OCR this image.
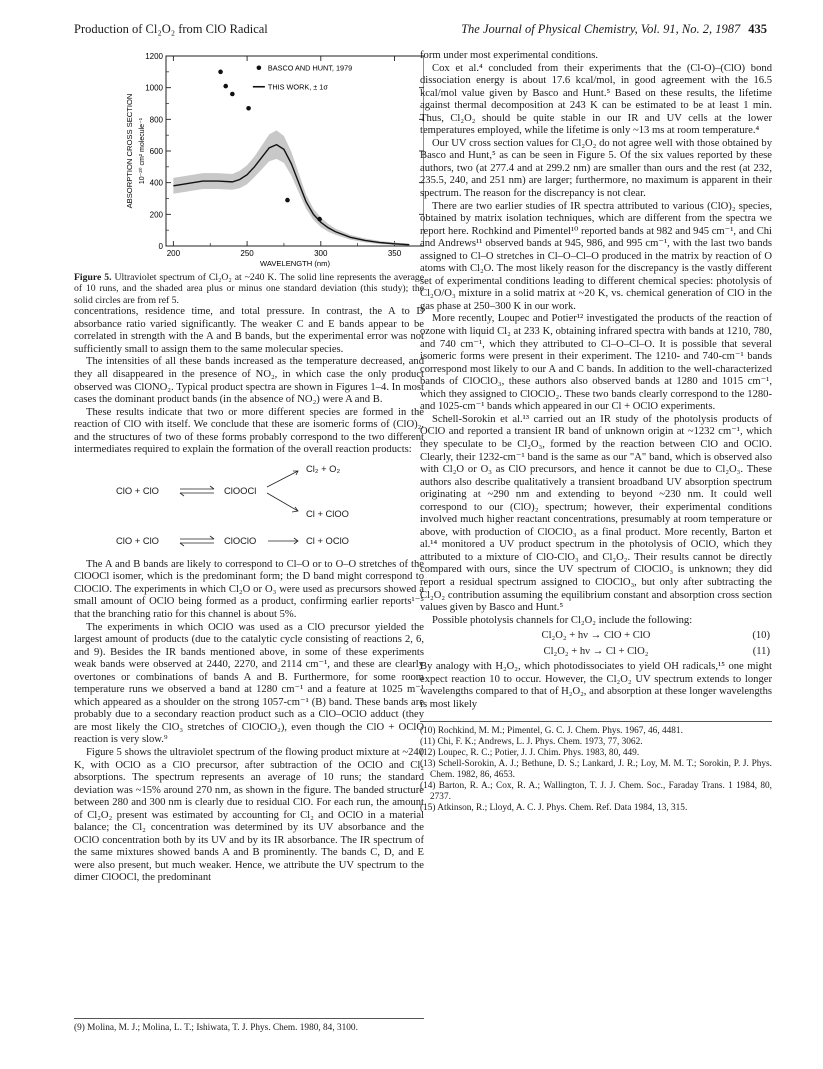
Production of Cl₂O₂ from ClO Radical	The Journal of Physical Chemistry, Vol. 91, No. 2, 1987 435
0
200
400
600
800
1000
1200
200	250	300	350
WAVELENGTH (nm)
ABSORPTION CROSS SECTION 10⁻²⁰ cm² molecule⁻¹
BASCO AND HUNT, 1979
THIS WORK, ± 1σ

Figure 5. Ultraviolet spectrum of Cl₂O₂ at ~240 K. The solid line represents the average of 10 runs, and the shaded area plus or minus one standard deviation (this study); the solid circles are from ref 5.

concentrations, residence time, and total pressure. In contrast, the A to D absorbance ratio varied significantly. The weaker C and E bands appear to be correlated in strength with the A and B bands, but the experimental error was not sufficiently small to assign them to the same molecular species.

The intensities of all these bands increased as the temperature decreased, and they all disappeared in the presence of NO₂, in which case the only product observed was ClONO₂. Typical product spectra are shown in Figures 1–4. In most cases the dominant product bands (in the absence of NO₂) were A and B.

These results indicate that two or more different species are formed in the reaction of ClO with itself. We conclude that these are isomeric forms of (ClO)₂, and the structures of two of these forms probably correspond to the two different intermediates required to explain the formation of the overall reaction products:

ClO + ClO	ClOOCl
Cl₂ + O₂
Cl + ClOO
ClO + ClO	ClOClO	Cl + OClO

The A and B bands are likely to correspond to Cl–O or to O–O stretches of the ClOOCl isomer, which is the predominant form; the D band might correspond to ClOClO. The experiments in which Cl₂O or O₃ were used as precursors showed a small amount of OClO being formed as a product, confirming earlier reports¹⁻⁵ that the branching ratio for this channel is about 5%.

The experiments in which OClO was used as a ClO precursor yielded the largest amount of products (due to the catalytic cycle consisting of reactions 2, 6, and 9). Besides the IR bands mentioned above, in some of these experiments weak bands were observed at 2440, 2270, and 2114 cm⁻¹, and these are clearly overtones or combinations of bands A and B. Furthermore, for some room temperature runs we observed a band at 1280 cm⁻¹ and a feature at 1025 m⁻¹ which appeared as a shoulder on the strong 1057-cm⁻¹ (B) band. These bands are probably due to a secondary reaction product such as a ClO–OClO adduct (they are most likely the ClO₃ stretches of ClOClO₂), even though the ClO + OClO reaction is very slow.⁹

Figure 5 shows the ultraviolet spectrum of the flowing product mixture at ~240 K, with OClO as a ClO precursor, after subtraction of the OClO and Cl₂ absorptions. The spectrum represents an average of 10 runs; the standard deviation was ~15% around 270 nm, as shown in the figure. The banded structure between 280 and 300 nm is clearly due to residual ClO. For each run, the amount of Cl₂O₂ present was estimated by accounting for Cl₂ and OClO in a material balance; the Cl₂ concentration was determined by its UV absorbance and the OClO concentration both by its UV and by its IR absorbance. The IR spectrum of the same mixtures showed bands A and B prominently. The bands C, D, and E were also present, but much weaker. Hence, we attribute the UV spectrum to the dimer ClOOCl, the predominant

(9) Molina, M. J.; Molina, L. T.; Ishiwata, T. J. Phys. Chem. 1980, 84, 3100.

form under most experimental conditions.

Cox et al.⁴ concluded from their experiments that the (Cl-O)–(ClO) bond dissociation energy is about 17.6 kcal/mol, in good agreement with the 16.5 kcal/mol value given by Basco and Hunt.⁵ Based on these results, the lifetime against thermal decomposition at 243 K can be estimated to be at least 1 min. Thus, Cl₂O₂ should be quite stable in our IR and UV cells at the lower temperatures employed, while the lifetime is only ~13 ms at room temperature.⁴

Our UV cross section values for Cl₂O₂ do not agree well with those obtained by Basco and Hunt,⁵ as can be seen in Figure 5. Of the six values reported by these authors, two (at 277.4 and at 299.2 nm) are smaller than ours and the rest (at 232, 235.5, 240, and 251 nm) are larger; furthermore, no maximum is apparent in their spectrum. The reason for the discrepancy is not clear.

There are two earlier studies of IR spectra attributed to various (ClO)₂ species, obtained by matrix isolation techniques, which are different from the spectra we report here. Rochkind and Pimentel¹⁰ reported bands at 982 and 945 cm⁻¹, and Chi and Andrews¹¹ observed bands at 945, 986, and 995 cm⁻¹, with the last two bands assigned to Cl–O stretches in Cl–O–Cl–O produced in the matrix by reaction of O atoms with Cl₂O. The most likely reason for the discrepancy is the vastly different set of experimental conditions leading to different chemical species: photolysis of Cl₂O/O₃ mixture in a solid matrix at ~20 K, vs. chemical generation of ClO in the gas phase at 250–300 K in our work.

More recently, Loupec and Potier¹² investigated the products of the reaction of ozone with liquid Cl₂ at 233 K, obtaining infrared spectra with bands at 1210, 780, and 740 cm⁻¹, which they attributed to Cl–O–Cl–O. It is possible that several isomeric forms were present in their experiment. The 1210- and 740-cm⁻¹ bands correspond most likely to our A and C bands. In addition to the well-characterized bands of ClOClO₃, these authors also observed bands at 1280 and 1015 cm⁻¹, which they assigned to ClOClO₂. These two bands clearly correspond to the 1280- and 1025-cm⁻¹ bands which appeared in our Cl + OClO experiments.

Schell-Sorokin et al.¹³ carried out an IR study of the photolysis products of OClO and reported a transient IR band of unknown origin at ~1232 cm⁻¹, which they speculate to be Cl₂O₃, formed by the reaction between ClO and OClO. Clearly, their 1232-cm⁻¹ band is the same as our "A" band, which is observed also with Cl₂O or O₃ as ClO precursors, and hence it cannot be due to Cl₂O₃. These authors also describe qualitatively a transient broadband UV absorption spectrum originating at ~290 nm and extending to beyond ~230 nm. It could well correspond to our (ClO)₂ spectrum; however, their experimental conditions involved much higher reactant concentrations, presumably at room temperature or above, with production of ClOClO₃ as a final product. More recently, Barton et al.¹⁴ monitored a UV product spectrum in the photolysis of OClO, which they attributed to a mixture of ClO-ClO₃ and Cl₂O₂. Their results cannot be directly compared with ours, since the UV spectrum of ClOClO₃ is unknown; they did report a residual spectrum assigned to ClOClO₃, but only after subtracting the Cl₂O₂ contribution assuming the equilibrium constant and absorption cross section values given by Basco and Hunt.⁵

Possible photolysis channels for Cl₂O₂ include the following:

Cl₂O₂ + hν → ClO + ClO	(10)
Cl₂O₂ + hν → Cl + ClO₂	(11)

By analogy with H₂O₂, which photodissociates to yield OH radicals,¹⁵ one might expect reaction 10 to occur. However, the Cl₂O₂ UV spectrum extends to longer wavelengths compared to that of H₂O₂, and absorption at these longer wavelengths is most likely

(10) Rochkind, M. M.; Pimentel, G. C. J. Chem. Phys. 1967, 46, 4481.
(11) Chi, F. K.; Andrews, L. J. Phys. Chem. 1973, 77, 3062.
(12) Loupec, R. C.; Potier, J. J. Chim. Phys. 1983, 80, 449.
(13) Schell-Sorokin, A. J.; Bethune, D. S.; Lankard, J. R.; Loy, M. M. T.; Sorokin, P. J. Phys. Chem. 1982, 86, 4653.
(14) Barton, R. A.; Cox, R. A.; Wallington, T. J. J. Chem. Soc., Faraday Trans. 1 1984, 80, 2737.
(15) Atkinson, R.; Lloyd, A. C. J. Phys. Chem. Ref. Data 1984, 13, 315.
